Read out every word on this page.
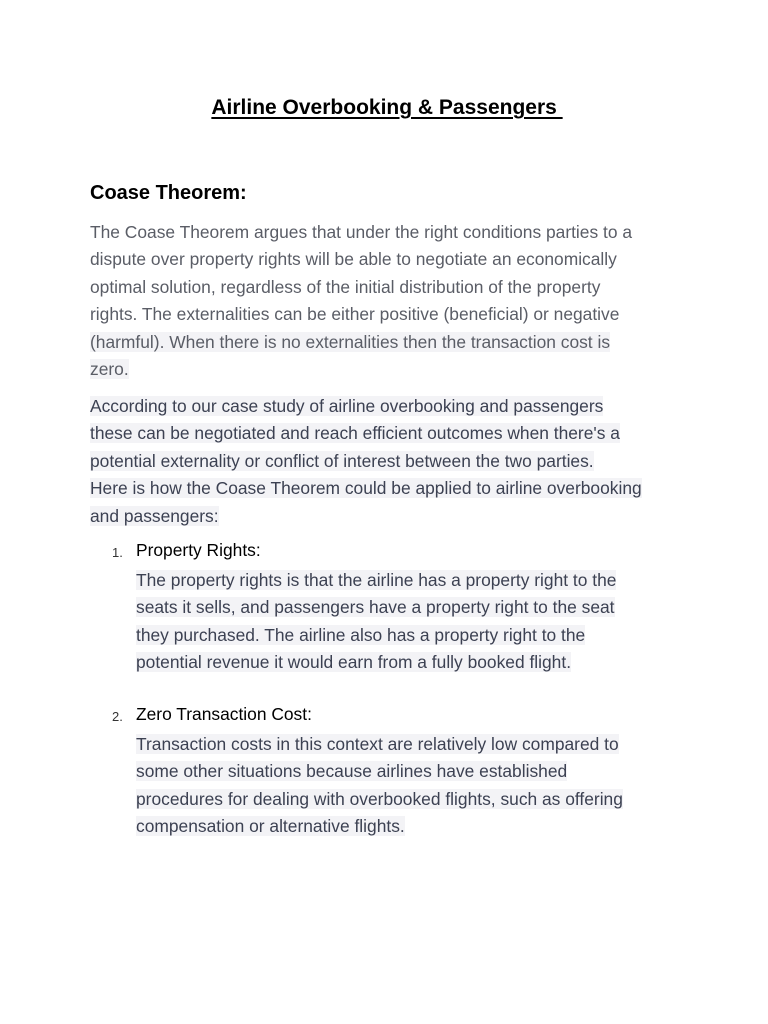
Airline Overbooking & Passengers
Coase Theorem:
The Coase Theorem argues that under the right conditions parties to a
dispute over property rights will be able to negotiate an economically
optimal solution, regardless of the initial distribution of the property
rights. The externalities can be either positive (beneficial) or negative
(harmful). When there is no externalities then the transaction cost is
zero.
According to our case study of airline overbooking and passengers
these can be negotiated and reach efficient outcomes when there's a
potential externality or conflict of interest between the two parties.
Here is how the Coase Theorem could be applied to airline overbooking
and passengers:
1. Property Rights:
The property rights is that the airline has a property right to the
seats it sells, and passengers have a property right to the seat
they purchased. The airline also has a property right to the
potential revenue it would earn from a fully booked flight.
2. Zero Transaction Cost:
Transaction costs in this context are relatively low compared to
some other situations because airlines have established
procedures for dealing with overbooked flights, such as offering
compensation or alternative flights.
